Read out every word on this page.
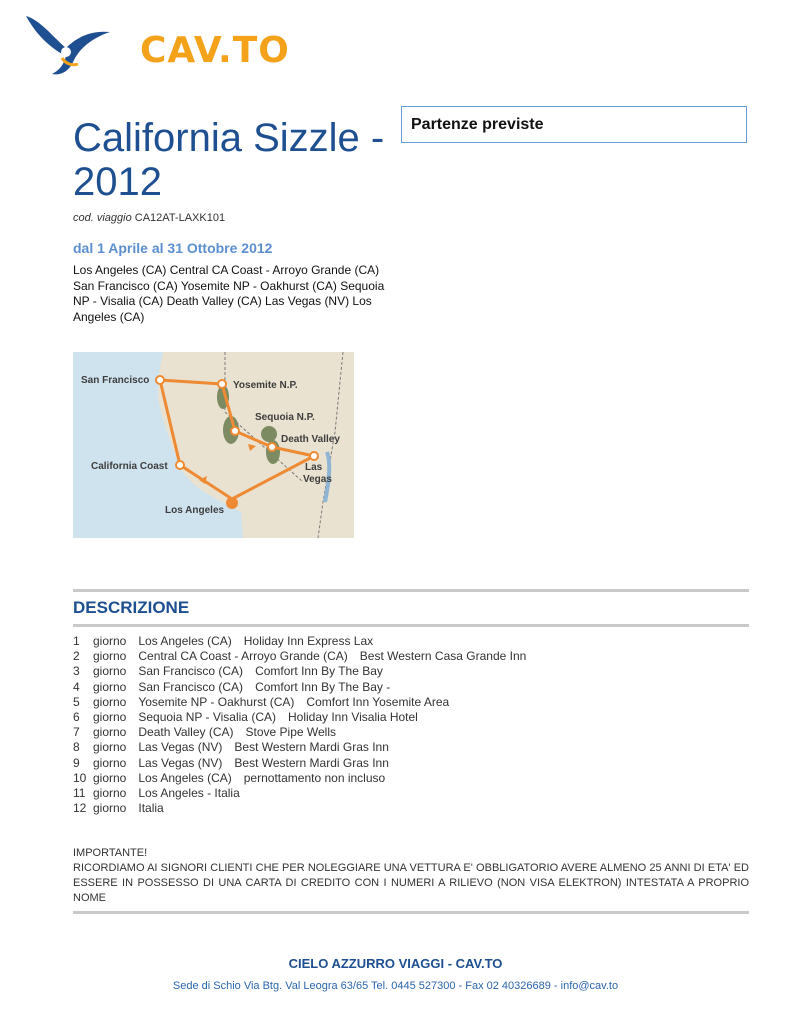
CAV.TO
California Sizzle - 2012
cod. viaggio CA12AT-LAXK101
dal 1 Aprile al 31 Ottobre 2012
Los Angeles (CA) Central CA Coast - Arroyo Grande (CA) San Francisco (CA) Yosemite NP - Oakhurst (CA) Sequoia NP - Visalia (CA) Death Valley (CA) Las Vegas (NV) Los Angeles (CA)
San Francisco	Yosemite N.P.
Sequoia N.P.
Death Valley
Las
Vegas
California Coast
Los Angeles
Partenze previste
DESCRIZIONE
1 giorno Los Angeles (CA) Holiday Inn Express Lax
2 giorno Central CA Coast - Arroyo Grande (CA) Best Western Casa Grande Inn
3 giorno San Francisco (CA) Comfort Inn By The Bay
4 giorno San Francisco (CA) Comfort Inn By The Bay -
5 giorno Yosemite NP - Oakhurst (CA) Comfort Inn Yosemite Area
6 giorno Sequoia NP - Visalia (CA) Holiday Inn Visalia Hotel
7 giorno Death Valley (CA) Stove Pipe Wells
8 giorno Las Vegas (NV) Best Western Mardi Gras Inn
9 giorno Las Vegas (NV) Best Western Mardi Gras Inn
10 giorno Los Angeles (CA) pernottamento non incluso
11 giorno Los Angeles - Italia
12 giorno Italia
IMPORTANTE!
RICORDIAMO AI SIGNORI CLIENTI CHE PER NOLEGGIARE UNA VETTURA E' OBBLIGATORIO AVERE ALMENO 25 ANNI DI ETA' ED ESSERE IN POSSESSO DI UNA CARTA DI CREDITO CON I NUMERI A RILIEVO (NON VISA ELEKTRON) INTESTATA A PROPRIO NOME
CIELO AZZURRO VIAGGI - CAV.TO
Sede di Schio Via Btg. Val Leogra 63/65 Tel. 0445 527300 - Fax 02 40326689 - info@cav.to
